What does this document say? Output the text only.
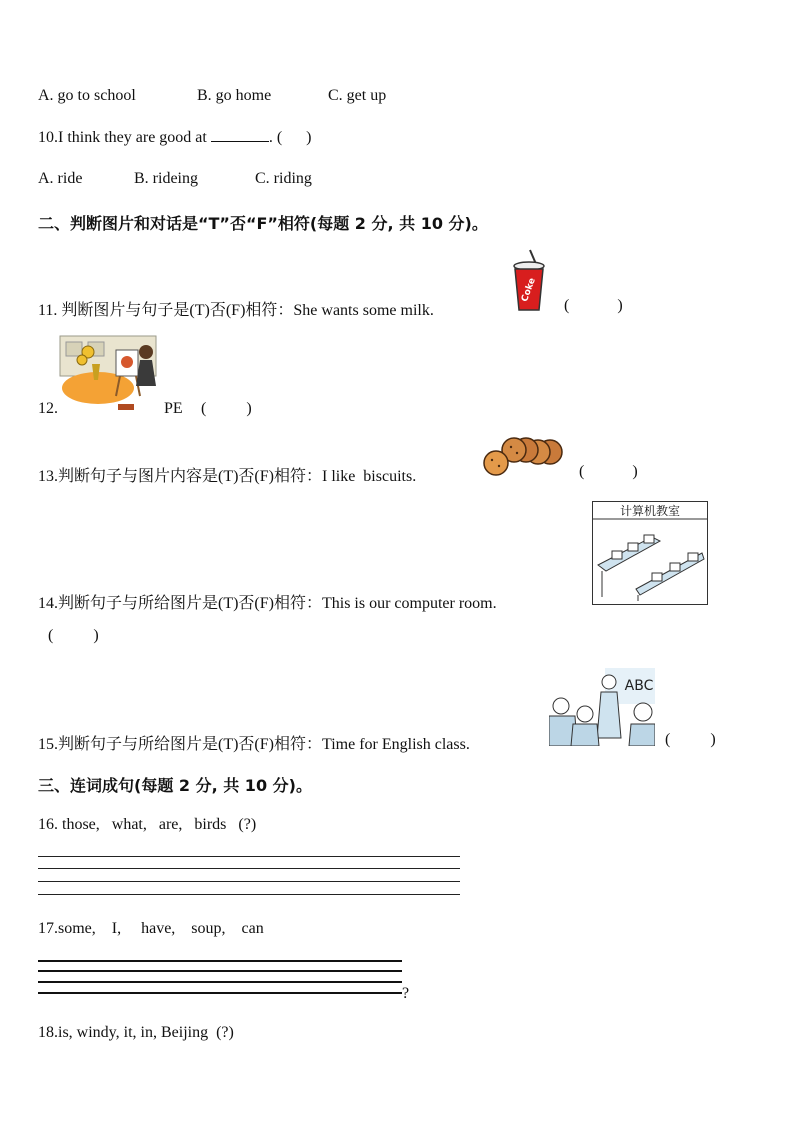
A. go to school	B. go home	C. get up
10.I think they are good at	. (      )
A. ride	B. rideing	C. riding
二、判断图片和对话是“T”否“F”相符(每题 2 分, 共 10 分)。
11. 判断图片与句子是(T)否(F)相符：She wants some milk.
Coke
(            )
12.	PE (          )
13.判断句子与图片内容是(T)否(F)相符：I like  biscuits.	(            )
计算机教室
14.判断句子与所给图片是(T)否(F)相符：This is our computer room.
(          )
ABC
15.判断句子与所给图片是(T)否(F)相符：Time for English class.	(          )
三、连词成句(每题 2 分, 共 10 分)。
16. those,   what,   are,   birds   (?)
17.some,    I,     have,    soup,    can
?
18.is, windy, it, in, Beijing  (?)
